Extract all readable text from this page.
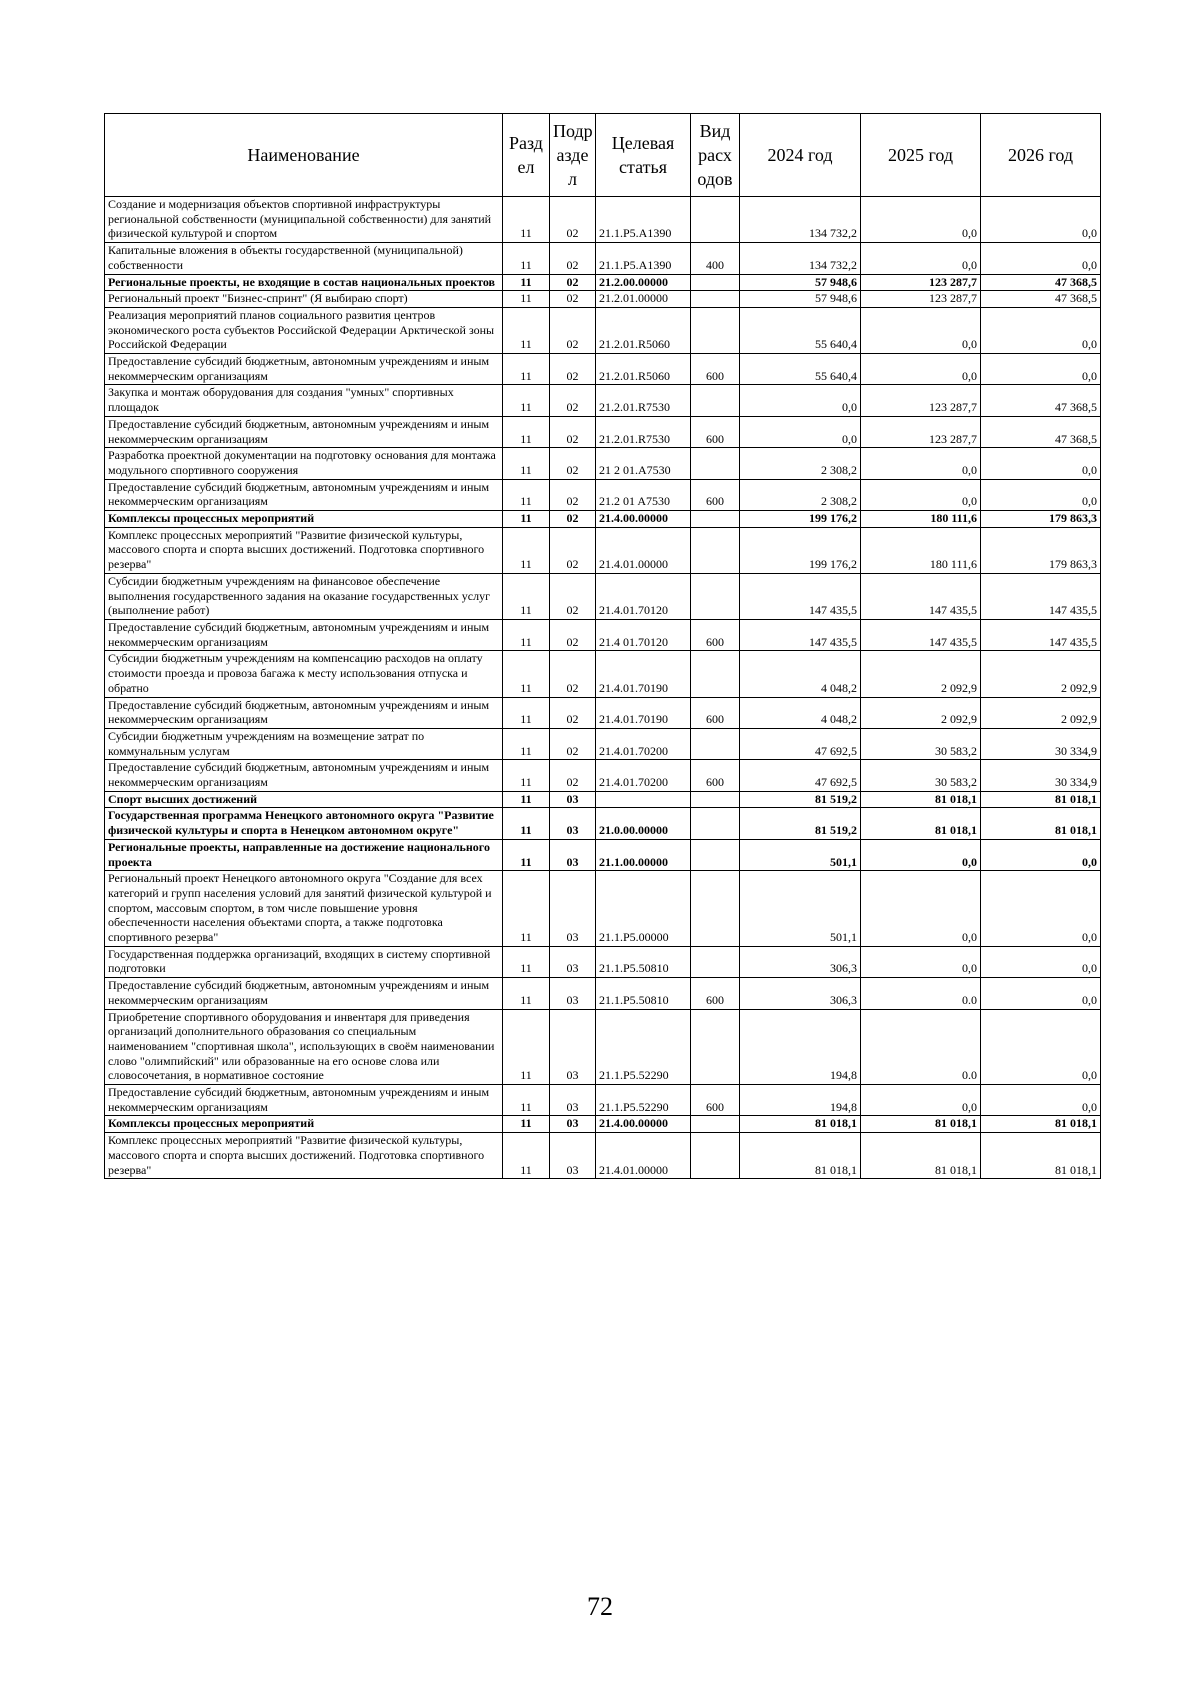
Наименование	Разд ел	Подр азде л	Целевая статья	Вид расх одов	2024 год	2025 год	2026 год
Создание и модернизация объектов спортивной инфраструктуры региональной собственности (муниципальной собственности) для занятий физической культурой и спортом	11	02	21.1.P5.A1390		134 732,2	0,0	0,0
Капитальные вложения в объекты государственной (муниципальной) собственности	11	02	21.1.P5.A1390	400	134 732,2	0,0	0,0
Региональные проекты, не входящие в состав национальных проектов	11	02	21.2.00.00000		57 948,6	123 287,7	47 368,5
Региональный проект "Бизнес-спринт" (Я выбираю спорт)	11	02	21.2.01.00000		57 948,6	123 287,7	47 368,5
Реализация мероприятий планов социального развития центров экономического роста субъектов Российской Федерации Арктической зоны Российской Федерации	11	02	21.2.01.R5060		55 640,4	0,0	0,0
Предоставление субсидий бюджетным, автономным учреждениям и иным некоммерческим организациям	11	02	21.2.01.R5060	600	55 640,4	0,0	0,0
Закупка и монтаж оборудования для создания "умных" спортивных площадок	11	02	21.2.01.R7530		0,0	123 287,7	47 368,5
Предоставление субсидий бюджетным, автономным учреждениям и иным некоммерческим организациям	11	02	21.2.01.R7530	600	0,0	123 287,7	47 368,5
Разработка проектной документации на подготовку основания для монтажа модульного спортивного сооружения	11	02	21 2 01.A7530		2 308,2	0,0	0,0
Предоставление субсидий бюджетным, автономным учреждениям и иным некоммерческим организациям	11	02	21.2 01 A7530	600	2 308,2	0,0	0,0
Комплексы процессных мероприятий	11	02	21.4.00.00000		199 176,2	180 111,6	179 863,3
Комплекс процессных мероприятий "Развитие физической культуры, массового спорта и спорта высших достижений. Подготовка спортивного резерва"	11	02	21.4.01.00000		199 176,2	180 111,6	179 863,3
Субсидии бюджетным учреждениям на финансовое обеспечение выполнения государственного задания на оказание государственных услуг (выполнение работ)	11	02	21.4.01.70120		147 435,5	147 435,5	147 435,5
Предоставление субсидий бюджетным, автономным учреждениям и иным некоммерческим организациям	11	02	21.4 01.70120	600	147 435,5	147 435,5	147 435,5
Субсидии бюджетным учреждениям на компенсацию расходов на оплату стоимости проезда и провоза багажа к месту использования отпуска и обратно	11	02	21.4.01.70190		4 048,2	2 092,9	2 092,9
Предоставление субсидий бюджетным, автономным учреждениям и иным некоммерческим организациям	11	02	21.4.01.70190	600	4 048,2	2 092,9	2 092,9
Субсидии бюджетным учреждениям на возмещение затрат по коммунальным услугам	11	02	21.4.01.70200		47 692,5	30 583,2	30 334,9
Предоставление субсидий бюджетным, автономным учреждениям и иным некоммерческим организациям	11	02	21.4.01.70200	600	47 692,5	30 583,2	30 334,9
Спорт высших достижений	11	03			81 519,2	81 018,1	81 018,1
Государственная программа Ненецкого автономного округа "Развитие физической культуры и спорта в Ненецком автономном округе"	11	03	21.0.00.00000		81 519,2	81 018,1	81 018,1
Региональные проекты, направленные на достижение национального проекта	11	03	21.1.00.00000		501,1	0,0	0,0
Региональный проект Ненецкого автономного округа "Создание для всех категорий и групп населения условий для занятий физической культурой и спортом, массовым спортом, в том числе повышение уровня обеспеченности населения объектами спорта, а также подготовка спортивного резерва"	11	03	21.1.P5.00000		501,1	0,0	0,0
Государственная поддержка организаций, входящих в систему спортивной подготовки	11	03	21.1.P5.50810		306,3	0,0	0,0
Предоставление субсидий бюджетным, автономным учреждениям и иным некоммерческим организациям	11	03	21.1.P5.50810	600	306,3	0.0	0,0
Приобретение спортивного оборудования и инвентаря для приведения организаций дополнительного образования со специальным наименованием "спортивная школа", использующих в своём наименовании слово "олимпийский" или образованные на его основе слова или словосочетания, в нормативное состояние	11	03	21.1.P5.52290		194,8	0.0	0,0
Предоставление субсидий бюджетным, автономным учреждениям и иным некоммерческим организациям	11	03	21.1.P5.52290	600	194,8	0,0	0,0
Комплексы процессных мероприятий	11	03	21.4.00.00000		81 018,1	81 018,1	81 018,1
Комплекс процессных мероприятий "Развитие физической культуры, массового спорта и спорта высших достижений. Подготовка спортивного резерва"	11	03	21.4.01.00000		81 018,1	81 018,1	81 018,1
72
